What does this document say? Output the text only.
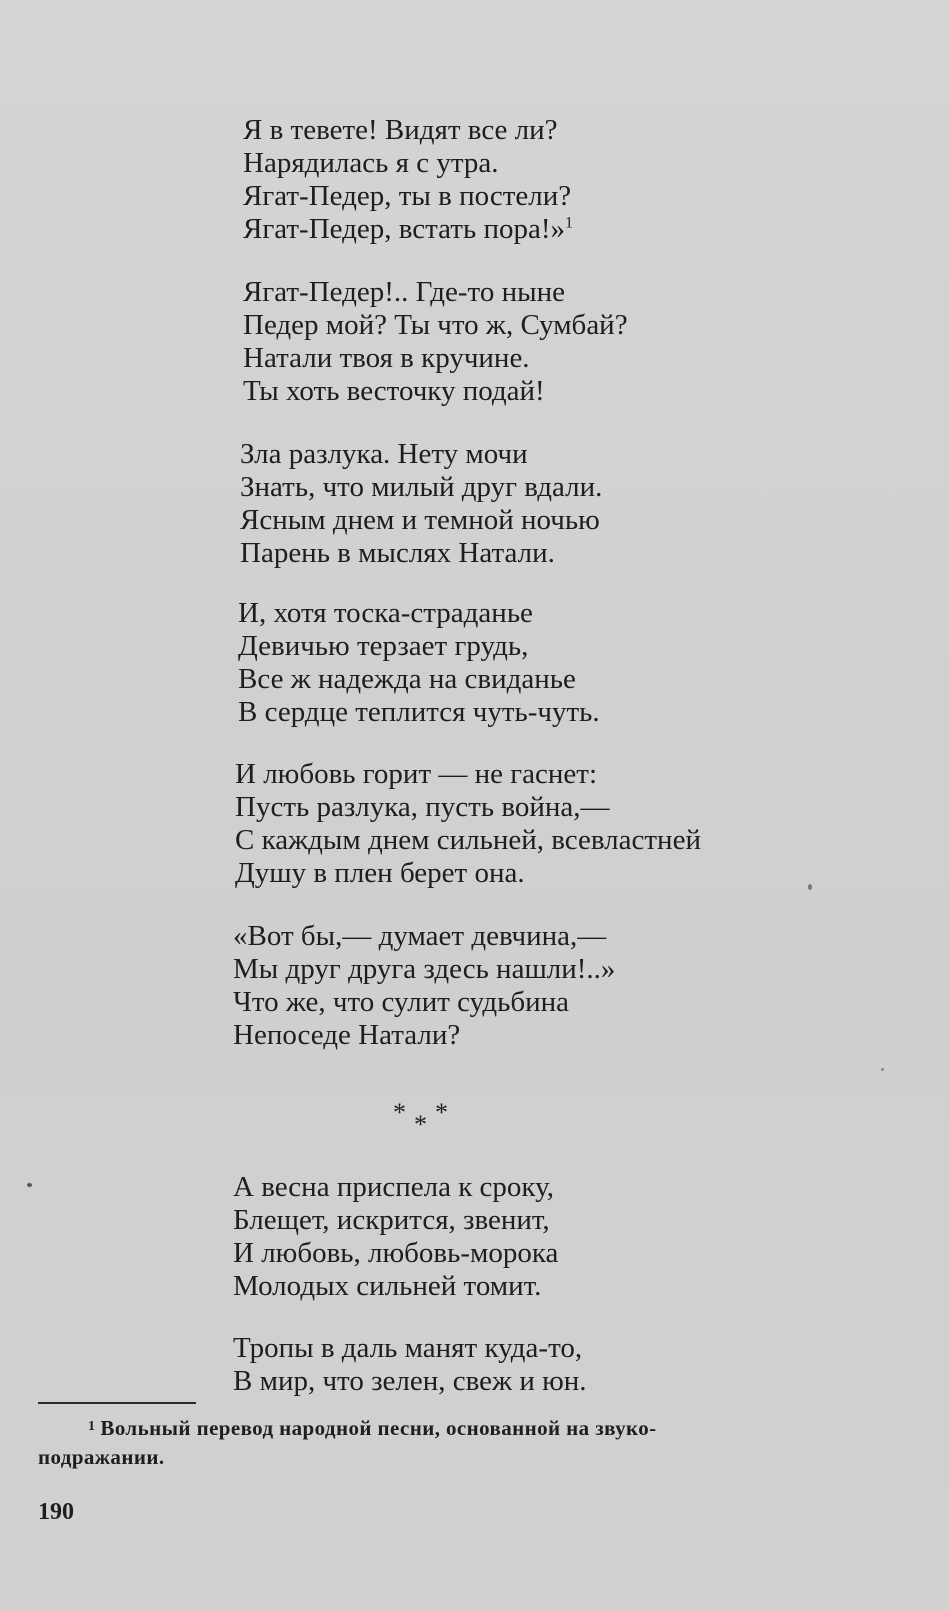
Я в тевете! Видят все ли?
Нарядилась я с утра.
Ягат-Педер, ты в постели?
Ягат-Педер, встать пора!»$^1$

Ягат-Педер!.. Где-то ныне
Педер мой? Ты что ж, Сумбай?
Натали твоя в кручине.
Ты хоть весточку подай!

Зла разлука. Нету мочи
Знать, что милый друг вдали.
Ясным днем и темной ночью
Парень в мыслях Натали.

И, хотя тоска-страданье
Девичью терзает грудь,
Все ж надежда на свиданье
В сердце теплится чуть-чуть.

И любовь горит — не гаснет:
Пусть разлука, пусть война,—
С каждым днем сильней, всевластней
Душу в плен берет она.

«Вот бы,— думает девчина,—
Мы друг друга здесь нашли!..»
Что же, что сулит судьбина
Непоседе Натали?

* * *

А весна приспела к сроку,
Блещет, искрится, звенит,
И любовь, любовь-морока
Молодых сильней томит.

Тропы в даль манят куда-то,
В мир, что зелен, свеж и юн.

1 Вольный перевод народной песни, основанной на звуко-
подражании.
190
